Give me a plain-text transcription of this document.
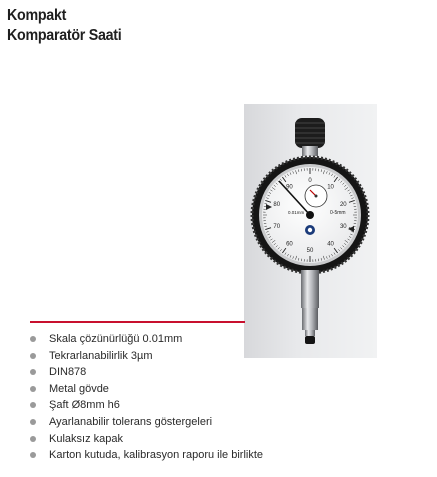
Kompakt
Komparatör Saati
0
10
20
30
40
50
60
70
80
90
0-5mm
0.01mm
Skala çözünürlüğü 0.01mm
Tekrarlanabilirlik 3µm
DIN878
Metal gövde
Şaft Ø8mm h6
Ayarlanabilir tolerans göstergeleri
Kulaksız kapak
Karton kutuda, kalibrasyon raporu ile birlikte
